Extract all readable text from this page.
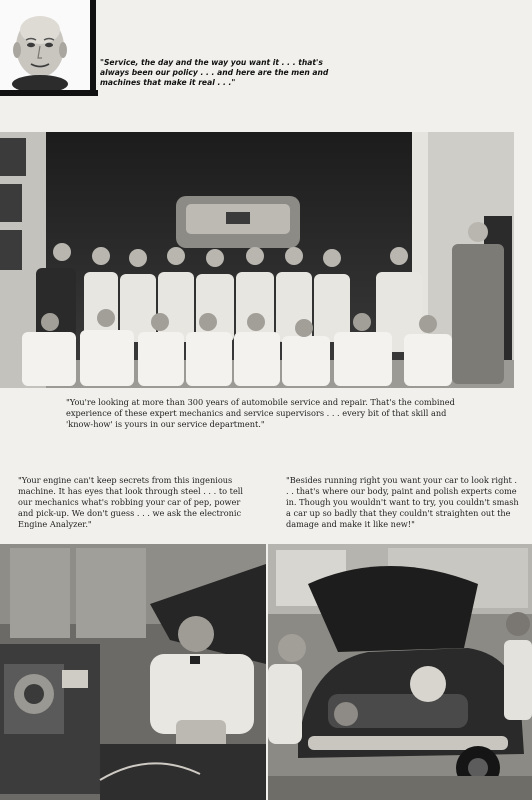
"Service, the day and the way you want it . . . that's always been our policy . . . and here are the men and machines that make it real . . ."
"You're looking at more than 300 years of automobile service and repair. That's the combined experience of these expert mechanics and service supervisors . . . every bit of that skill and 'know-how' is yours in our service department."
"Your engine can't keep secrets from this ingenious machine. It has eyes that look through steel . . . to tell our mechanics what's robbing your car of pep, power and pick-up. We don't guess . . . we ask the electronic Engine Analyzer."
"Besides running right you want your car to look right . . . that's where our body, paint and polish experts come in. Though you wouldn't want to try, you couldn't smash a car up so badly that they couldn't straighten out the damage and make it like new!"
